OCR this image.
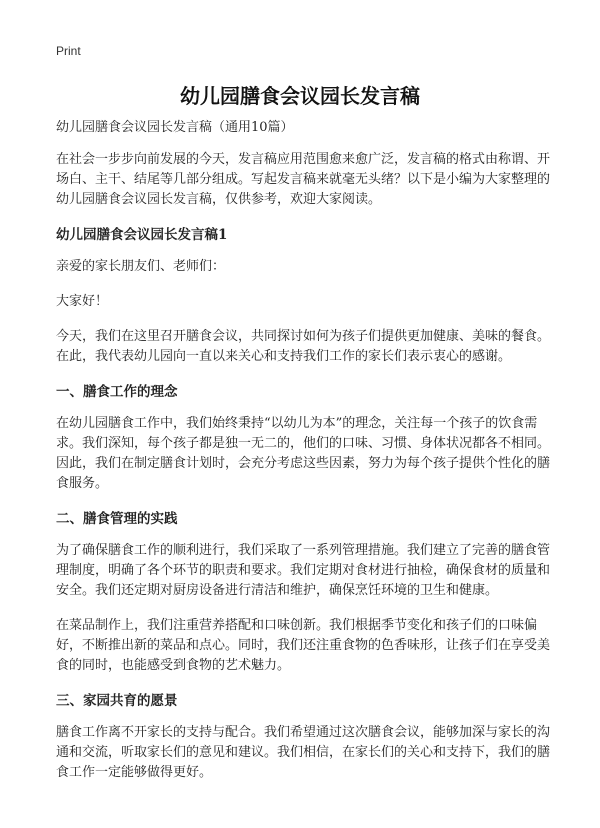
Print
幼儿园膳食会议园长发言稿

幼儿园膳食会议园长发言稿（通用10篇）

在社会一步步向前发展的今天，发言稿应用范围愈来愈广泛，发言稿的格式由称谓、开场白、主干、结尾等几部分组成。写起发言稿来就毫无头绪？以下是小编为大家整理的幼儿园膳食会议园长发言稿，仅供参考，欢迎大家阅读。

幼儿园膳食会议园长发言稿1

亲爱的家长朋友们、老师们：

大家好！

今天，我们在这里召开膳食会议，共同探讨如何为孩子们提供更加健康、美味的餐食。在此，我代表幼儿园向一直以来关心和支持我们工作的家长们表示衷心的感谢。

一、膳食工作的理念

在幼儿园膳食工作中，我们始终秉持“以幼儿为本”的理念，关注每一个孩子的饮食需求。我们深知，每个孩子都是独一无二的，他们的口味、习惯、身体状况都各不相同。因此，我们在制定膳食计划时，会充分考虑这些因素，努力为每个孩子提供个性化的膳食服务。

二、膳食管理的实践

为了确保膳食工作的顺利进行，我们采取了一系列管理措施。我们建立了完善的膳食管理制度，明确了各个环节的职责和要求。我们定期对食材进行抽检，确保食材的质量和安全。我们还定期对厨房设备进行清洁和维护，确保烹饪环境的卫生和健康。

在菜品制作上，我们注重营养搭配和口味创新。我们根据季节变化和孩子们的口味偏好，不断推出新的菜品和点心。同时，我们还注重食物的色香味形，让孩子们在享受美食的同时，也能感受到食物的艺术魅力。

三、家园共育的愿景

膳食工作离不开家长的支持与配合。我们希望通过这次膳食会议，能够加深与家长的沟通和交流，听取家长们的意见和建议。我们相信，在家长们的关心和支持下，我们的膳食工作一定能够做得更好。
